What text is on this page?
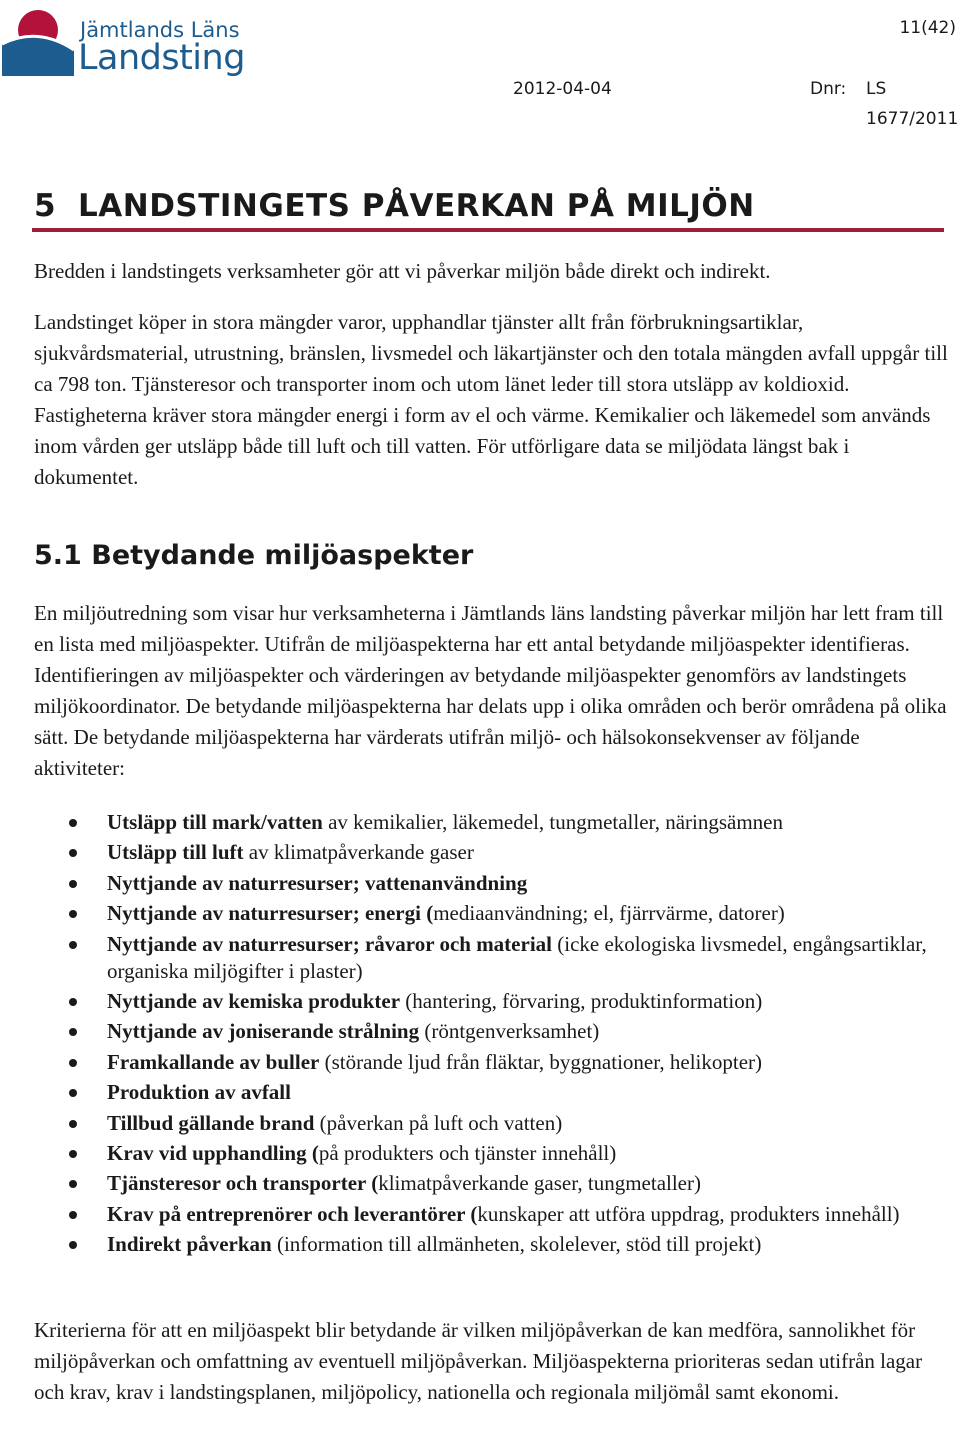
Jämtlands Läns
Landsting
11(42)
2012-04-04	Dnr: LS
1677/2011
5 LANDSTINGETS PÅVERKAN PÅ MILJÖN

Bredden i landstingets verksamheter gör att vi påverkar miljön både direkt och indirekt.

Landstinget köper in stora mängder varor, upphandlar tjänster allt från förbrukningsartiklar, sjukvårdsmaterial, utrustning, bränslen, livsmedel och läkartjänster och den totala mängden avfall uppgår till ca 798 ton. Tjänsteresor och transporter inom och utom länet leder till stora utsläpp av koldioxid. Fastigheterna kräver stora mängder energi i form av el och värme. Kemikalier och läkemedel som används inom vården ger utsläpp både till luft och till vatten. För utförligare data se miljödata längst bak i dokumentet.

5.1 Betydande miljöaspekter

En miljöutredning som visar hur verksamheterna i Jämtlands läns landsting påverkar miljön har lett fram till en lista med miljöaspekter. Utifrån de miljöaspekterna har ett antal betydande miljöaspekter identifieras. Identifieringen av miljöaspekter och värderingen av betydande miljöaspekter genomförs av landstingets miljökoordinator. De betydande miljöaspekterna har delats upp i olika områden och berör områdena på olika sätt. De betydande miljöaspekterna har värderats utifrån miljö- och hälsokonsekvenser av följande aktiviteter:

Utsläpp till mark/vatten av kemikalier, läkemedel, tungmetaller, näringsämnen
Utsläpp till luft av klimatpåverkande gaser
Nyttjande av naturresurser; vattenanvändning
Nyttjande av naturresurser; energi (mediaanvändning; el, fjärrvärme, datorer)
Nyttjande av naturresurser; råvaror och material (icke ekologiska livsmedel, engångsartiklar, organiska miljögifter i plaster)
Nyttjande av kemiska produkter (hantering, förvaring, produktinformation)
Nyttjande av joniserande strålning (röntgenverksamhet)
Framkallande av buller (störande ljud från fläktar, byggnationer, helikopter)
Produktion av avfall
Tillbud gällande brand (påverkan på luft och vatten)
Krav vid upphandling (på produkters och tjänster innehåll)
Tjänsteresor och transporter (klimatpåverkande gaser, tungmetaller)
Krav på entreprenörer och leverantörer (kunskaper att utföra uppdrag, produkters innehåll)
Indirekt påverkan (information till allmänheten, skolelever, stöd till projekt)

Kriterierna för att en miljöaspekt blir betydande är vilken miljöpåverkan de kan medföra, sannolikhet för miljöpåverkan och omfattning av eventuell miljöpåverkan. Miljöaspekterna prioriteras sedan utifrån lagar och krav, krav i landstingsplanen, miljöpolicy, nationella och regionala miljömål samt ekonomi.
